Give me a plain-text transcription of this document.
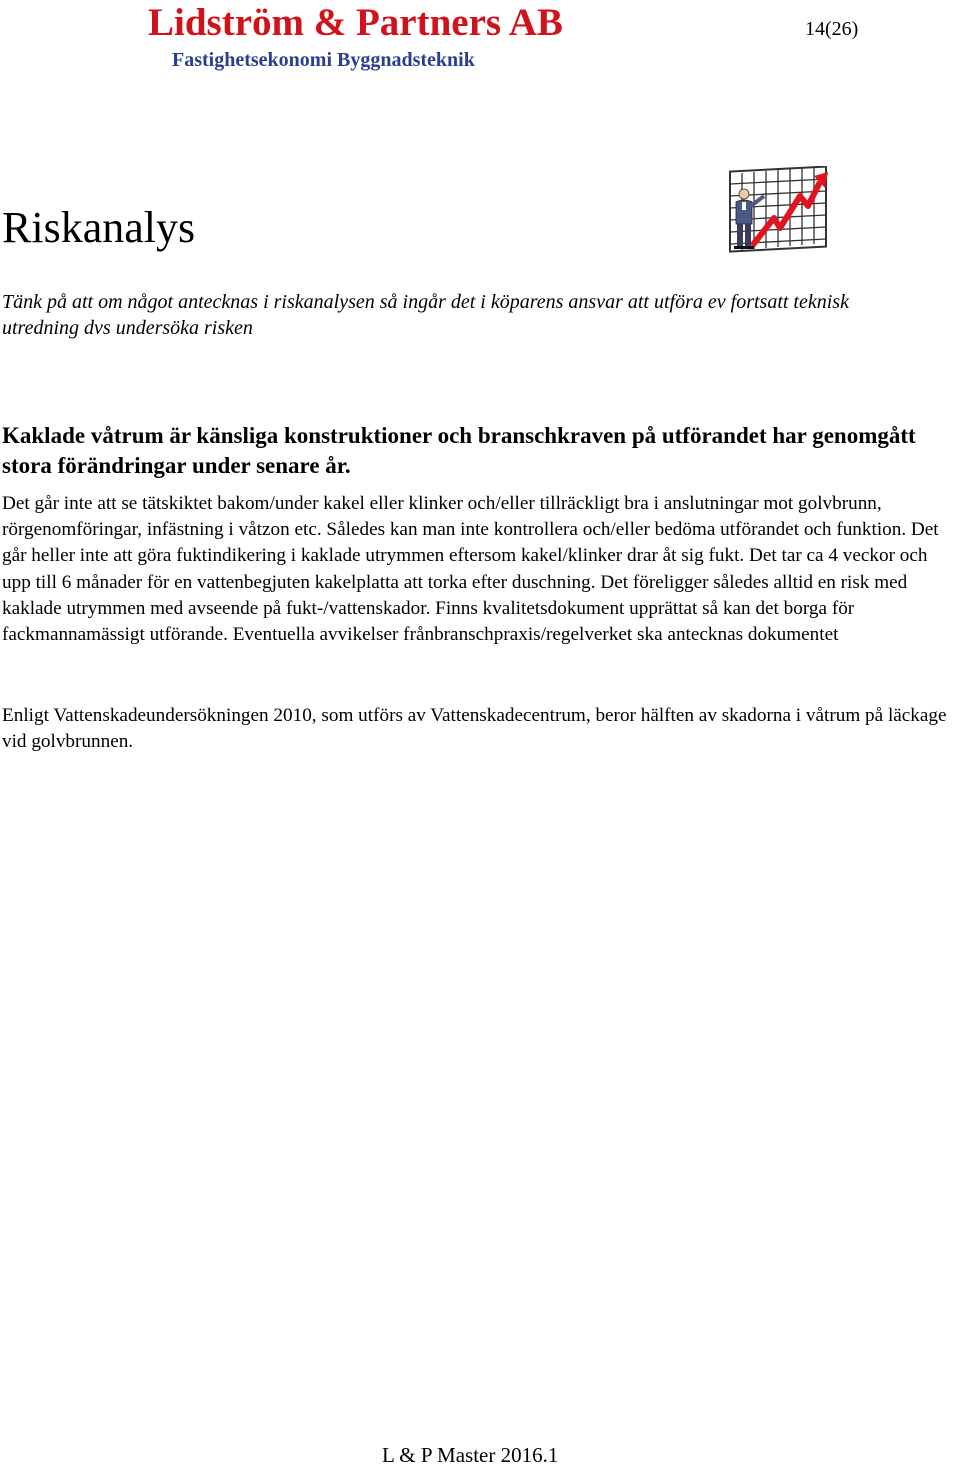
Lidström & Partners AB
Fastighetsekonomi Byggnadsteknik
14(26)
Riskanalys
Tänk på att om något antecknas i riskanalysen så ingår det i köparens ansvar att utföra ev fortsatt teknisk utredning dvs undersöka risken
Kaklade våtrum är känsliga konstruktioner och branschkraven på utförandet har genomgått stora förändringar under senare år.
Det går inte att se tätskiktet bakom/under kakel eller klinker och/eller tillräckligt bra i anslutningar mot golvbrunn, rörgenomföringar, infästning i våtzon etc. Således kan man inte kontrollera och/eller bedöma utförandet och funktion. Det går heller inte att göra fuktindikering i kaklade utrymmen eftersom kakel/klinker drar åt sig fukt. Det tar ca 4 veckor och upp till 6 månader för en vattenbegjuten kakelplatta att torka efter duschning. Det föreligger således alltid en risk med kaklade utrymmen med avseende på fukt-/vattenskador. Finns kvalitetsdokument upprättat så kan det borga för fackmannamässigt utförande. Eventuella avvikelser frånbranschpraxis/regelverket ska antecknas dokumentet
Enligt Vattenskadeundersökningen 2010, som utförs av Vattenskadecentrum, beror hälften av skadorna i våtrum på läckage vid golvbrunnen.
L & P Master 2016.1
